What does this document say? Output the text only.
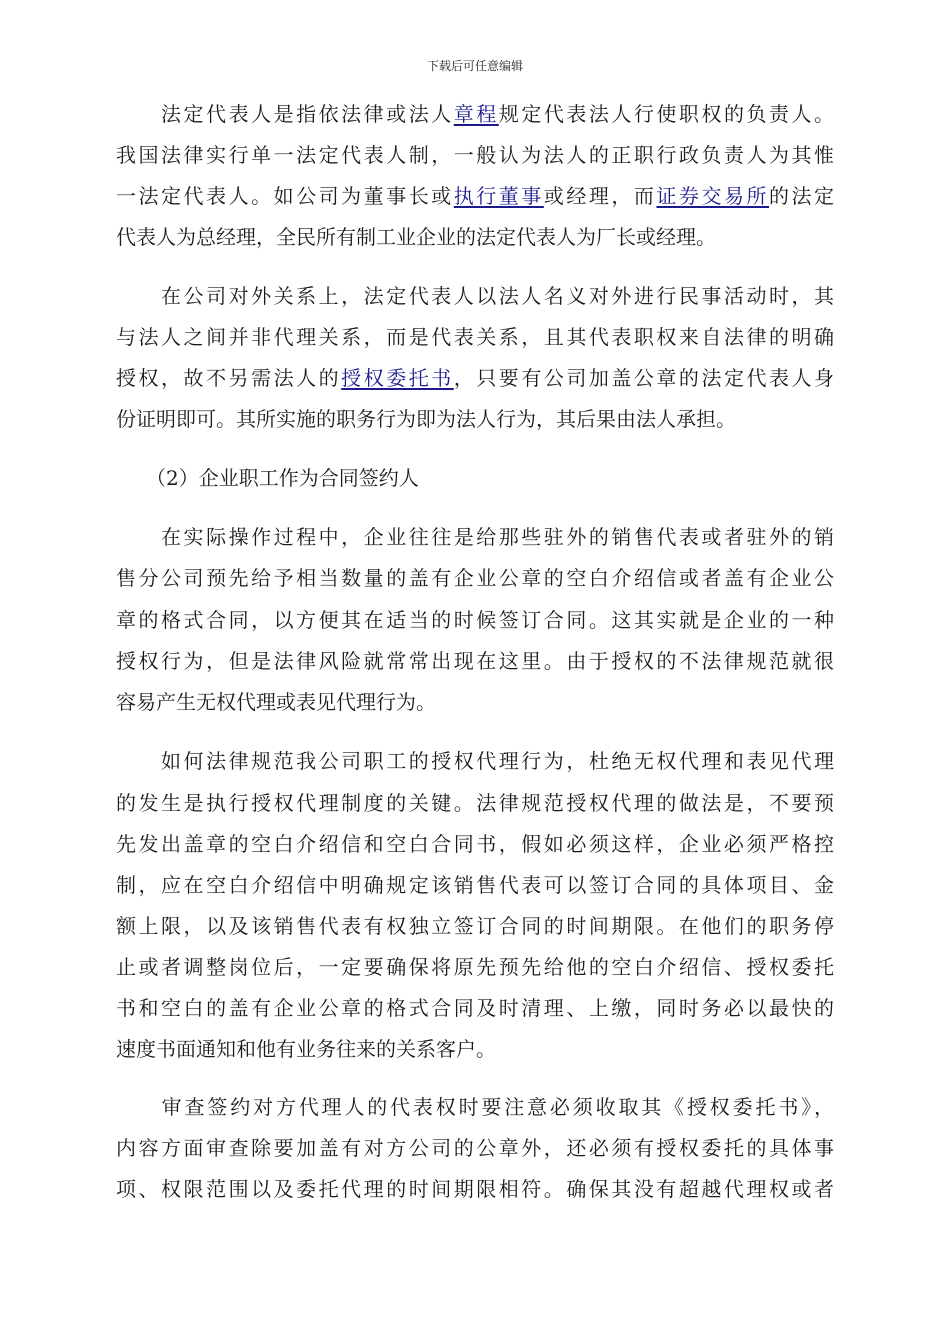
下载后可任意编辑
　　法定代表人是指依法律或法人章程规定代表法人行使职权的负责人。
我国法律实行单一法定代表人制，一般认为法人的正职行政负责人为其惟
一法定代表人。如公司为董事长或执行董事或经理，而证券交易所的法定
代表人为总经理，全民所有制工业企业的法定代表人为厂长或经理。
　　在公司对外关系上，法定代表人以法人名义对外进行民事活动时，其
与法人之间并非代理关系，而是代表关系，且其代表职权来自法律的明确
授权，故不另需法人的授权委托书，只要有公司加盖公章的法定代表人身
份证明即可。其所实施的职务行为即为法人行为，其后果由法人承担。
　　（2）企业职工作为合同签约人
　　在实际操作过程中，企业往往是给那些驻外的销售代表或者驻外的销
售分公司预先给予相当数量的盖有企业公章的空白介绍信或者盖有企业公
章的格式合同，以方便其在适当的时候签订合同。这其实就是企业的一种
授权行为，但是法律风险就常常出现在这里。由于授权的不法律规范就很
容易产生无权代理或表见代理行为。
　　如何法律规范我公司职工的授权代理行为，杜绝无权代理和表见代理
的发生是执行授权代理制度的关键。法律规范授权代理的做法是，不要预
先发出盖章的空白介绍信和空白合同书，假如必须这样，企业必须严格控
制，应在空白介绍信中明确规定该销售代表可以签订合同的具体项目、金
额上限，以及该销售代表有权独立签订合同的时间期限。在他们的职务停
止或者调整岗位后，一定要确保将原先预先给他的空白介绍信、授权委托
书和空白的盖有企业公章的格式合同及时清理、上缴，同时务必以最快的
速度书面通知和他有业务往来的关系客户。
　　审查签约对方代理人的代表权时要注意必须收取其《授权委托书》，
内容方面审查除要加盖有对方公司的公章外，还必须有授权委托的具体事
项、权限范围以及委托代理的时间期限相符。确保其没有超越代理权或者
